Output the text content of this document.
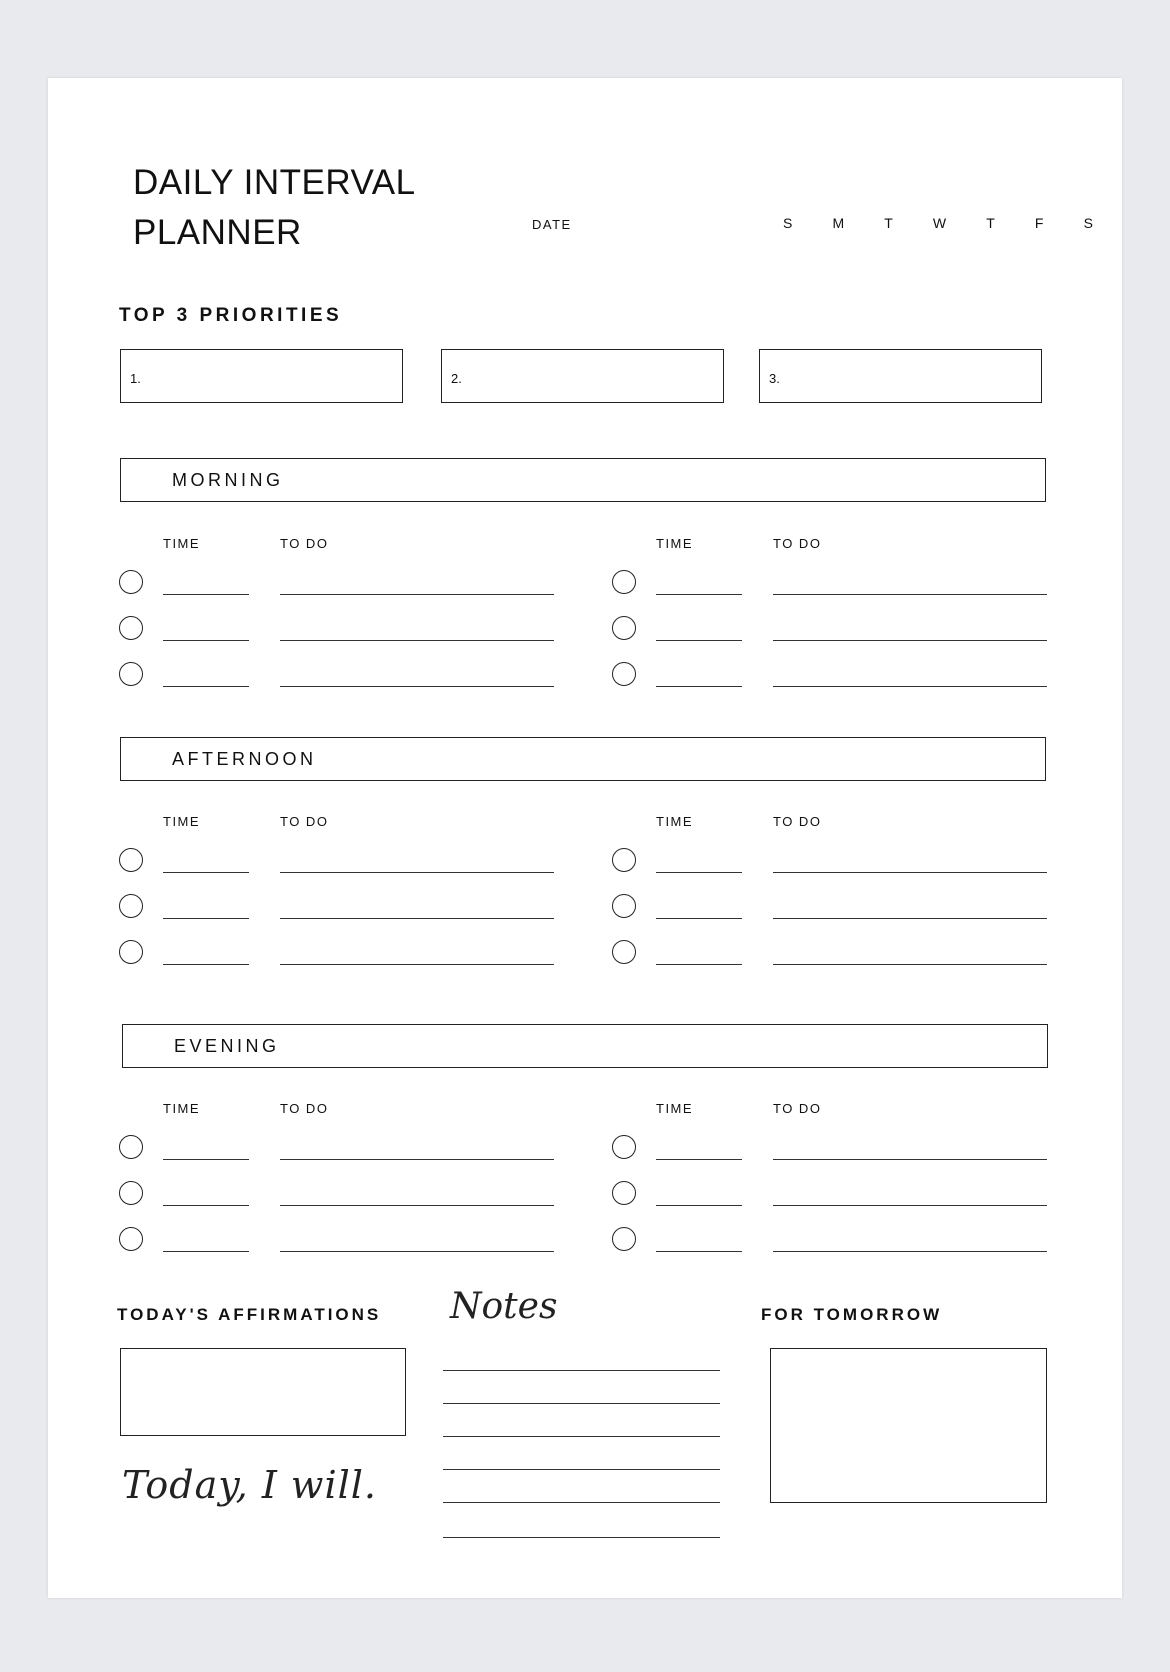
DAILY INTERVAL
PLANNER	DATE	S	M	T	W	T	F	S
TOP 3 PRIORITIES
1.	2.	3.
MORNING
TIME	TO DO	TIME	TO DO
AFTERNOON
TIME	TO DO	TIME	TO DO
EVENING
TIME	TO DO	TIME	TO DO
TODAY'S AFFIRMATIONS
Today, I will.
Notes	FOR TOMORROW
